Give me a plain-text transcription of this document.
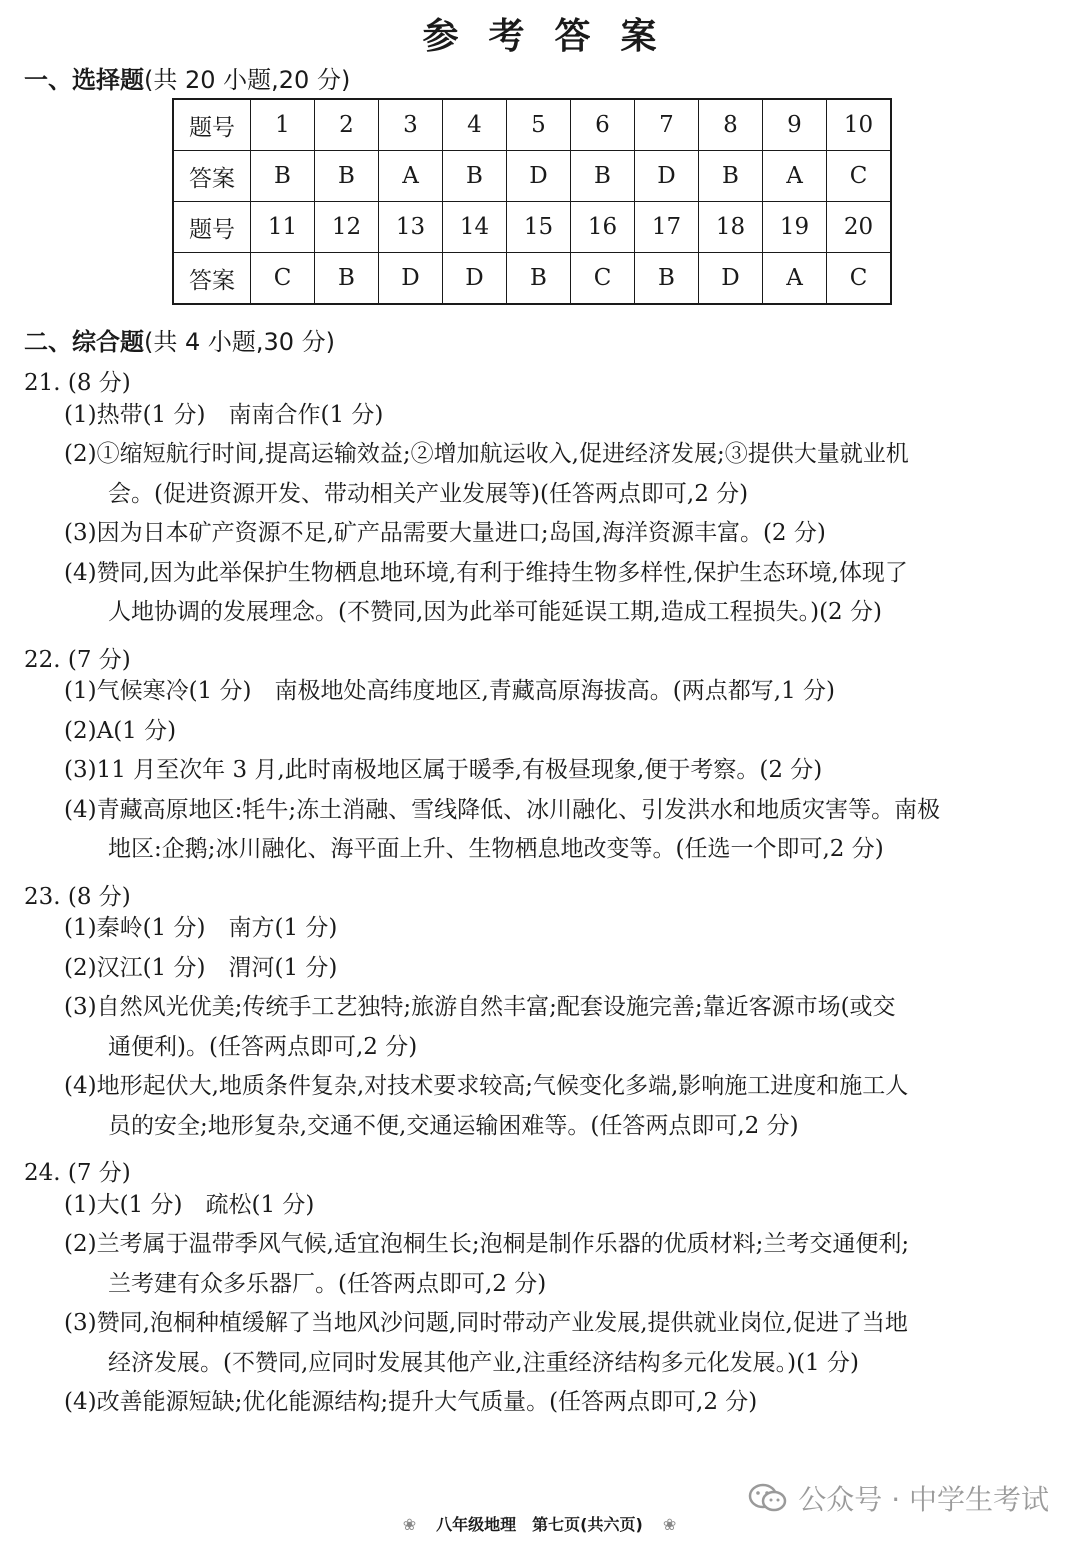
参考答案
一、选择题(共 20 小题,20 分)
题号	1	2	3	4	5	6	7	8	9	10
答案	B	B	A	B	D	B	D	B	A	C
题号	11	12	13	14	15	16	17	18	19	20
答案	C	B	D	D	B	C	B	D	A	C
二、综合题(共 4 小题,30 分)
21. (8 分)
(1)热带(1 分)　南南合作(1 分)
(2)①缩短航行时间,提高运输效益;②增加航运收入,促进经济发展;③提供大量就业机
会。(促进资源开发、带动相关产业发展等)(任答两点即可,2 分)
(3)因为日本矿产资源不足,矿产品需要大量进口;岛国,海洋资源丰富。(2 分)
(4)赞同,因为此举保护生物栖息地环境,有利于维持生物多样性,保护生态环境,体现了
人地协调的发展理念。(不赞同,因为此举可能延误工期,造成工程损失。)(2 分)
22. (7 分)
(1)气候寒冷(1 分)　南极地处高纬度地区,青藏高原海拔高。(两点都写,1 分)
(2)A(1 分)
(3)11 月至次年 3 月,此时南极地区属于暖季,有极昼现象,便于考察。(2 分)
(4)青藏高原地区:牦牛;冻土消融、雪线降低、冰川融化、引发洪水和地质灾害等。南极
地区:企鹅;冰川融化、海平面上升、生物栖息地改变等。(任选一个即可,2 分)
23. (8 分)
(1)秦岭(1 分)　南方(1 分)
(2)汉江(1 分)　渭河(1 分)
(3)自然风光优美;传统手工艺独特;旅游自然丰富;配套设施完善;靠近客源市场(或交
通便利)。(任答两点即可,2 分)
(4)地形起伏大,地质条件复杂,对技术要求较高;气候变化多端,影响施工进度和施工人
员的安全;地形复杂,交通不便,交通运输困难等。(任答两点即可,2 分)
24. (7 分)
(1)大(1 分)　疏松(1 分)
(2)兰考属于温带季风气候,适宜泡桐生长;泡桐是制作乐器的优质材料;兰考交通便利;
兰考建有众多乐器厂。(任答两点即可,2 分)
(3)赞同,泡桐种植缓解了当地风沙问题,同时带动产业发展,提供就业岗位,促进了当地
经济发展。(不赞同,应同时发展其他产业,注重经济结构多元化发展。)(1 分)
(4)改善能源短缺;优化能源结构;提升大气质量。(任答两点即可,2 分)
公众号 · 中学生考试
❀ 八年级地理　第七页(共六页) ❀
